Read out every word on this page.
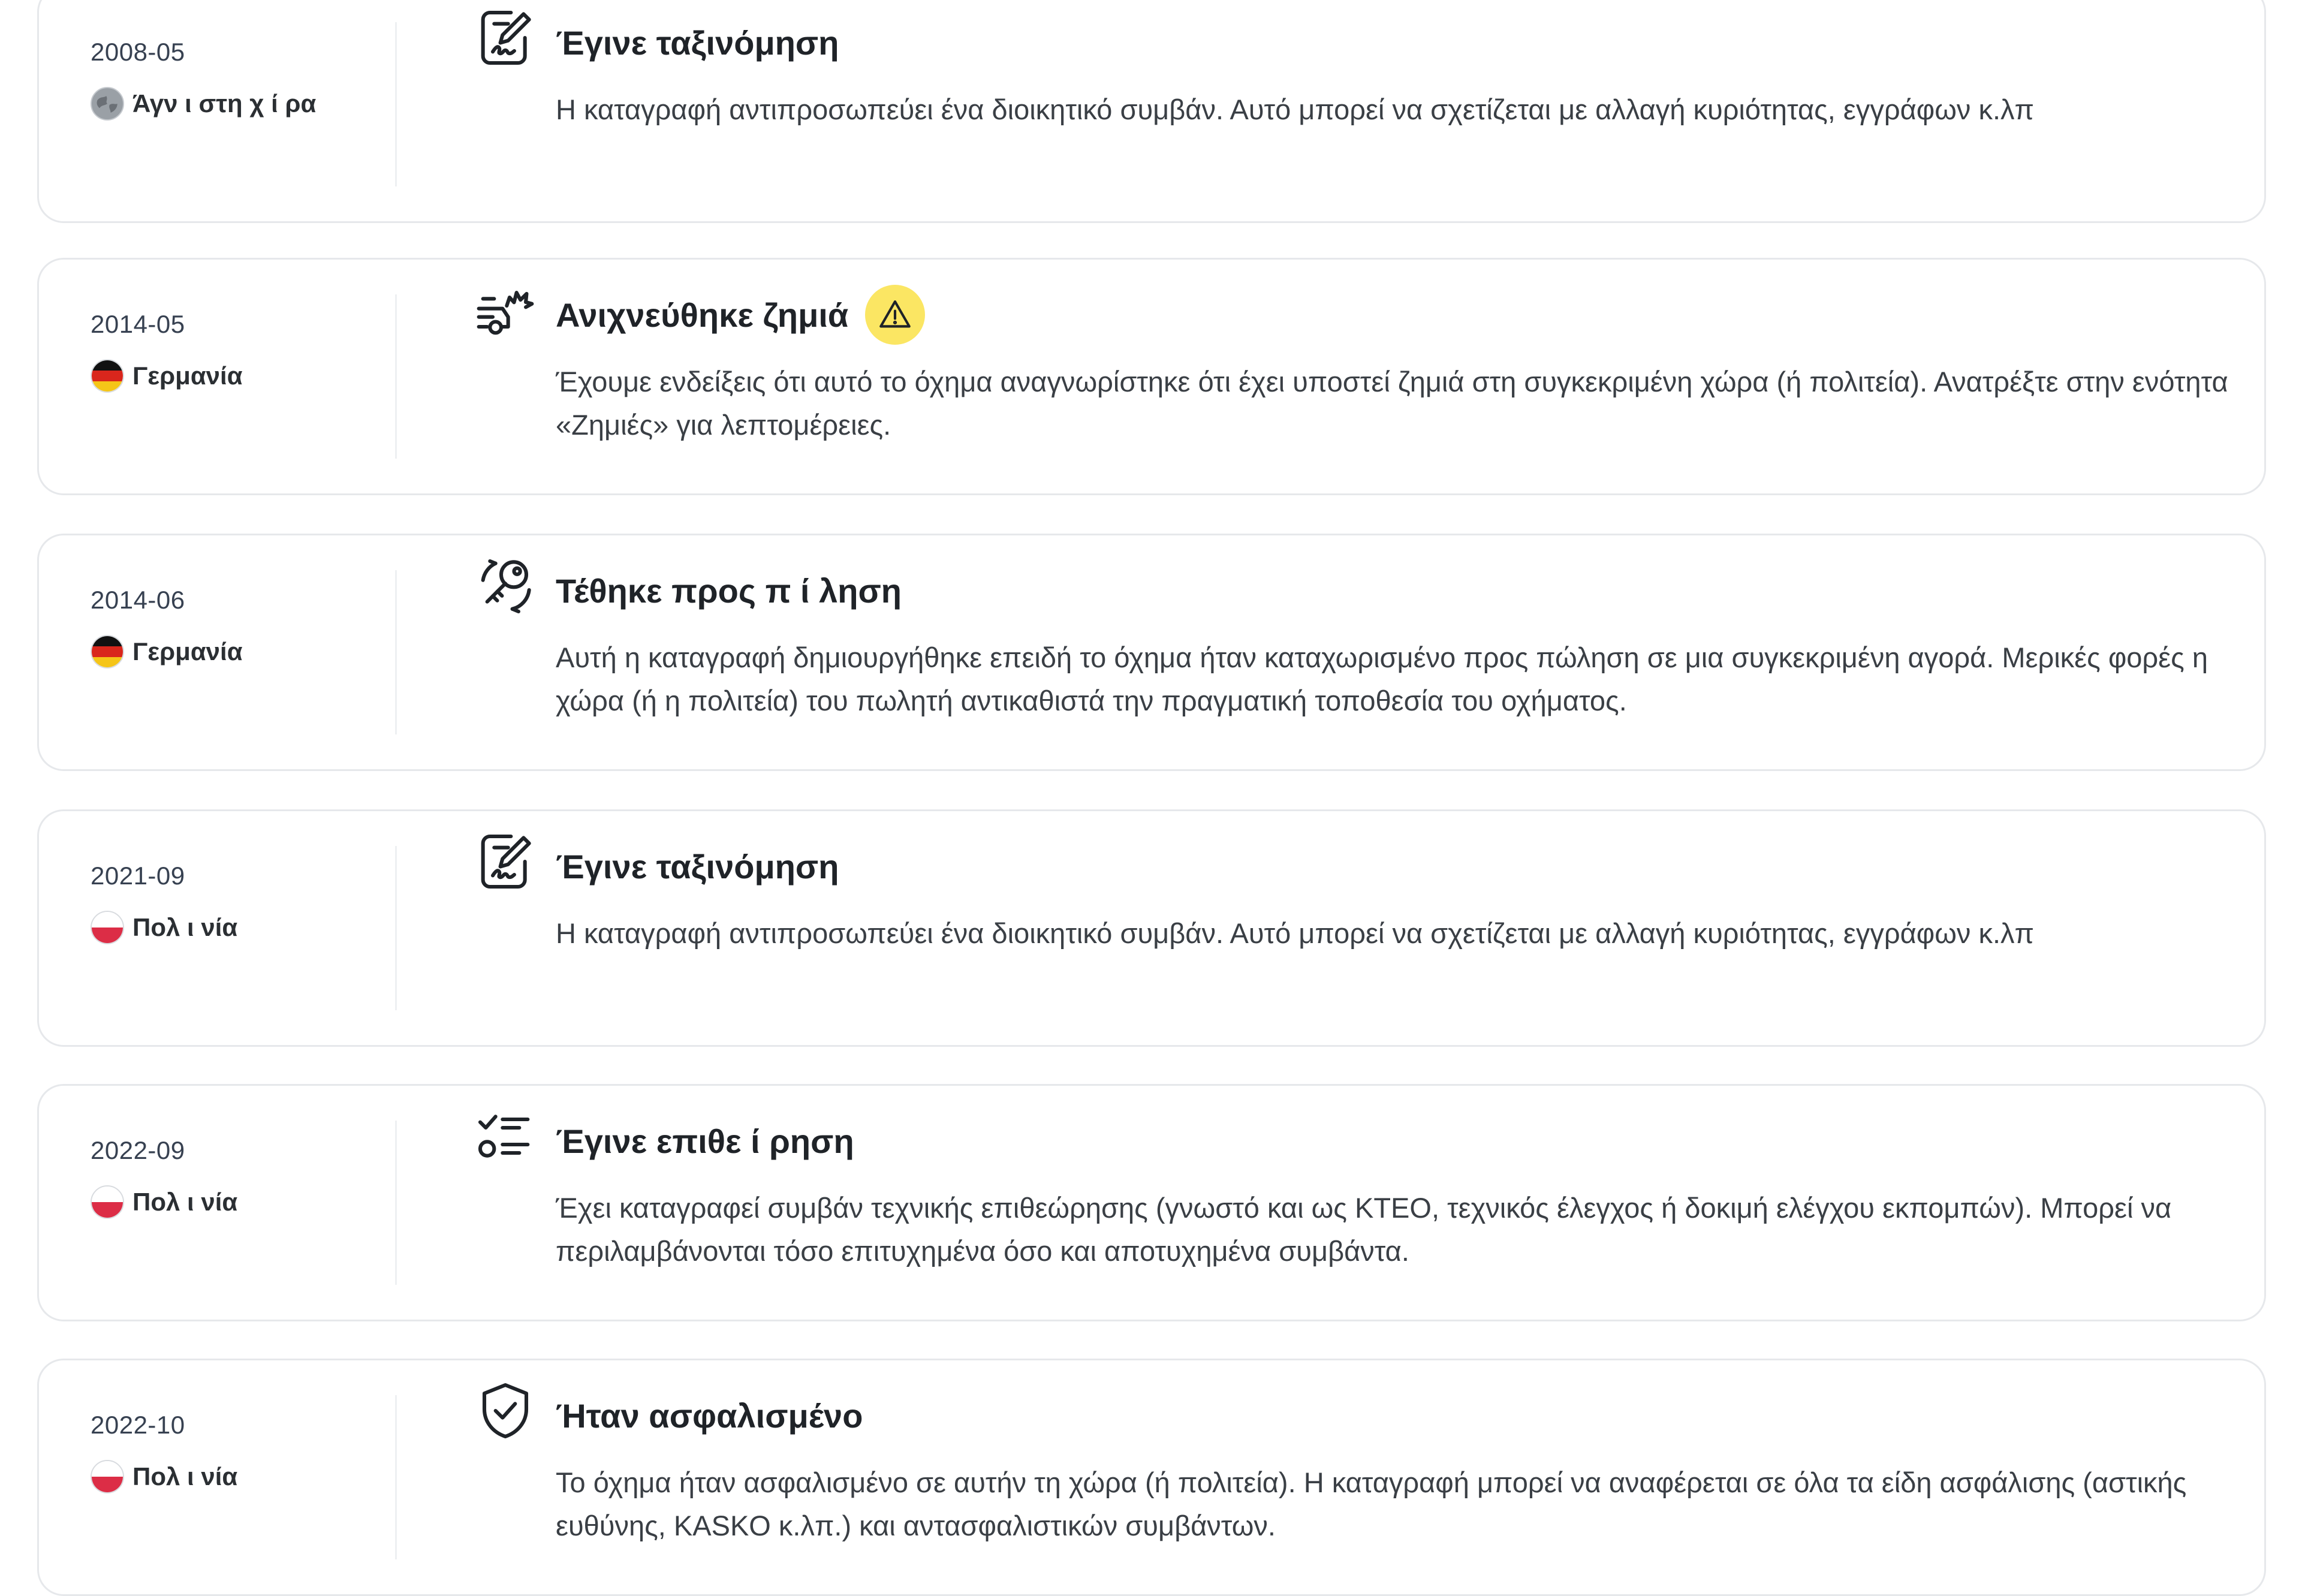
2008-05
Άγν ι στη χ ί ρα
Έγινε ταξινόμηση
Η καταγραφή αντιπροσωπεύει ένα διοικητικό συμβάν. Αυτό μπορεί να σχετίζεται με αλλαγή κυριότητας, εγγράφων κ.λπ
2014-05
Γερμανία
Ανιχνεύθηκε ζημιά
Έχουμε ενδείξεις ότι αυτό το όχημα αναγνωρίστηκε ότι έχει υποστεί ζημιά στη συγκεκριμένη χώρα (ή πολιτεία). Ανατρέξτε στην ενότητα «Ζημιές» για λεπτομέρειες.
2014-06
Γερμανία
Τέθηκε προς π ί ληση
Αυτή η καταγραφή δημιουργήθηκε επειδή το όχημα ήταν καταχωρισμένο προς πώληση σε μια συγκεκριμένη αγορά. Μερικές φορές η χώρα (ή η πολιτεία) του πωλητή αντικαθιστά την πραγματική τοποθεσία του οχήματος.
2021-09
Πολ ι νία
Έγινε ταξινόμηση
Η καταγραφή αντιπροσωπεύει ένα διοικητικό συμβάν. Αυτό μπορεί να σχετίζεται με αλλαγή κυριότητας, εγγράφων κ.λπ
2022-09
Πολ ι νία
Έγινε επιθε ί ρηση
Έχει καταγραφεί συμβάν τεχνικής επιθεώρησης (γνωστό και ως ΚΤΕΟ, τεχνικός έλεγχος ή δοκιμή ελέγχου εκπομπών). Μπορεί να περιλαμβάνονται τόσο επιτυχημένα όσο και αποτυχημένα συμβάντα.
2022-10
Πολ ι νία
Ήταν ασφαλισμένο
Το όχημα ήταν ασφαλισμένο σε αυτήν τη χώρα (ή πολιτεία). Η καταγραφή μπορεί να αναφέρεται σε όλα τα είδη ασφάλισης (αστικής ευθύνης, KASKO κ.λπ.) και αντασφαλιστικών συμβάντων.
